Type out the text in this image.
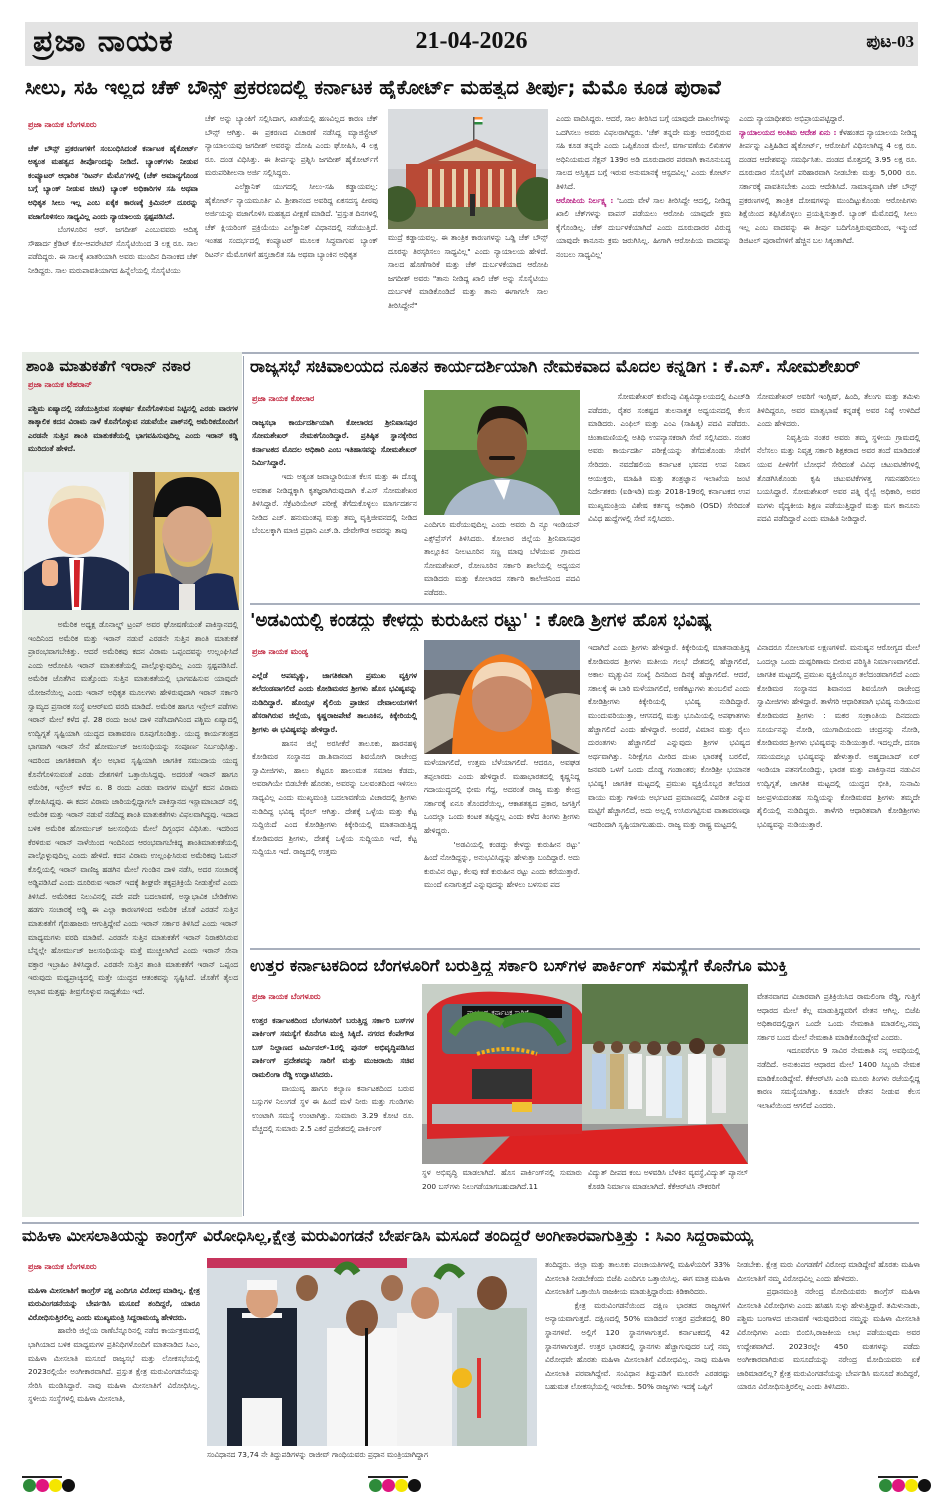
ಪ್ರಜಾ ನಾಯಕ	21-04-2026	ಪುಟ-03
ಸೀಲು, ಸಹಿ ಇಲ್ಲದ ಚೆಕ್ ಬೌನ್ಸ್ ಪ್ರಕರಣದಲ್ಲಿ ಕರ್ನಾಟಕ ಹೈಕೋರ್ಟ್ ಮಹತ್ವದ ತೀರ್ಪು; ಮೆಮೊ ಕೂಡ ಪುರಾವೆ
ಪ್ರಜಾ ನಾಯಕ ಬೆಂಗಳೂರು

ಚೆಕ್ ಬೌನ್ಸ್ ಪ್ರಕರಣಗಳಿಗೆ ಸಂಬಂಧಿಸಿದಂತೆ ಕರ್ನಾಟಕ ಹೈಕೋರ್ಟ್ ಅತ್ಯಂತ ಮಹತ್ವದ ತೀರ್ಪೊಂದನ್ನು ನೀಡಿದೆ. ಬ್ಯಾಂಕ್‌ಗಳು ನೀಡುವ ಕಂಪ್ಯೂಟರ್ ಆಧಾರಿತ 'ರಿಟರ್ನ್ ಮೆಮೊ'ಗಳಲ್ಲಿ (ಚೆಕ್ ಅಮಾನ್ಯಗೊಂಡ ಬಗ್ಗೆ ಬ್ಯಾಂಕ್ ನೀಡುವ ಚೀಟಿ) ಬ್ಯಾಂಕ್ ಅಧಿಕಾರಿಗಳ ಸಹಿ ಅಥವಾ ಅಧಿಕೃತ ಸೀಲು ಇಲ್ಲ ಎಂಬ ಏಕೈಕ ಕಾರಣಕ್ಕೆ ಕ್ರಿಮಿನಲ್ ದೂರನ್ನು ವಜಾಗೊಳಿಸಲು ಸಾಧ್ಯವಿಲ್ಲ ಎಂದು ನ್ಯಾಯಾಲಯ ಸ್ಪಷ್ಟಪಡಿಸಿದೆ.

ಬೆಂಗಳೂರಿನ ಆರ್. ಜಗದೀಶ್ ಎಂಬುವವರು ಆದಿತ್ಯ ಸೌಹಾರ್ದ ಕ್ರೆಡಿಟ್ ಕೋ-ಆಪರೇಟಿವ್ ಸೊಸೈಟಿಯಿಂದ 3 ಲಕ್ಷ ರೂ. ಸಾಲ ಪಡೆದಿದ್ದರು. ಈ ಸಾಲಕ್ಕೆ ಖಾತರಿಯಾಗಿ ಅವರು ಮುಂದಿನ ದಿನಾಂಕದ ಚೆಕ್ ನೀಡಿದ್ದರು. ಸಾಲ ಮರುಪಾವತಿಯಾಗದ ಹಿನ್ನೆಲೆಯಲ್ಲಿ ಸೊಸೈಟಿಯು

ಚೆಕ್ ಅನ್ನು ಬ್ಯಾಂಕಿಗೆ ಸಲ್ಲಿಸಿದಾಗ, ಖಾತೆಯಲ್ಲಿ ಹಣವಿಲ್ಲದ ಕಾರಣ ಚೆಕ್ ಬೌನ್ಸ್ ಆಗಿತ್ತು. ಈ ಪ್ರಕರಣದ ವಿಚಾರಣೆ ನಡೆಸಿದ್ದ ಮ್ಯಾಜಿಸ್ಟ್ರೇಟ್ ನ್ಯಾಯಾಲಯವು ಜಗದೀಶ್ ಅವರನ್ನು ದೋಷಿ ಎಂದು ಘೋಷಿಸಿ, 4 ಲಕ್ಷ ರೂ. ದಂಡ ವಿಧಿಸಿತ್ತು. ಈ ತೀರ್ಪನ್ನು ಪ್ರಶ್ನಿಸಿ ಜಗದೀಶ್ ಹೈಕೋರ್ಟ್‌ಗೆ ಮರುಪರಿಶೀಲನಾ ಅರ್ಜಿ ಸಲ್ಲಿಸಿದ್ದರು.

ಎಲೆಕ್ಟ್ರಾನಿಕ್ ಯುಗದಲ್ಲಿ ಸೀಲು-ಸಹಿ ಕಡ್ಡಾಯವಲ್ಲ: ಹೈಕೋರ್ಟ್ ನ್ಯಾಯಮೂರ್ತಿ ವಿ. ಶ್ರೀಶಾನಂದ ಅವರಿದ್ದ ಏಕಸದಸ್ಯ ಪೀಠವು ಅರ್ಜಿಯನ್ನು ವಜಾಗೊಳಿಸಿ ಮಹತ್ವದ ವೀಕ್ಷಣೆ ಮಾಡಿದೆ. 'ಪ್ರಸ್ತುತ ದಿನಗಳಲ್ಲಿ ಚೆಕ್ ಕ್ಲಿಯರಿಂಗ್ ಪ್ರಕ್ರಿಯೆಯು ಎಲೆಕ್ಟ್ರಾನಿಕ್ ವಿಧಾನದಲ್ಲಿ ನಡೆಯುತ್ತಿದೆ. ಇಂತಹ ಸಂದರ್ಭದಲ್ಲಿ ಕಂಪ್ಯೂಟರ್ ಮೂಲಕ ಸಿದ್ಧವಾಗುವ ಬ್ಯಾಂಕ್ ರಿಟರ್ನ್ ಮೆಮೊಗಳಿಗೆ ಹಸ್ತಚಾಲಿತ ಸಹಿ ಅಥವಾ ಬ್ಯಾಂಕಿನ ಅಧಿಕೃತ

ಮುದ್ರೆ ಕಡ್ಡಾಯವಲ್ಲ. ಈ ತಾಂತ್ರಿಕ ಕಾರಣಗಳನ್ನು ಒಡ್ಡಿ ಚೆಕ್ ಬೌನ್ಸ್ ದೂರನ್ನು ತಿರಸ್ಕರಿಸಲು ಸಾಧ್ಯವಿಲ್ಲ" ಎಂದು ನ್ಯಾಯಾಲಯ ಹೇಳಿದೆ. ಸಾಲದ ಹೊಣೆಗಾರಿಕೆ ಮತ್ತು ಚೆಕ್ ದುರ್ಬಳಕೆಯಾದ ಆರೋಪಿ ಜಗದೀಶ್ ಅವರು "ತಾನು ನೀಡಿದ್ದ ಖಾಲಿ ಚೆಕ್ ಅನ್ನು ಸೊಸೈಟಿಯು ದುರ್ಬಳಕೆ ಮಾಡಿಕೊಂಡಿದೆ ಮತ್ತು ತಾನು ಈಗಾಗಲೇ ಸಾಲ ತೀರಿಸಿದ್ದೇನೆ"

ಎಂದು ವಾದಿಸಿದ್ದರು. ಆದರೆ, ಸಾಲ ತೀರಿಸಿದ ಬಗ್ಗೆ ಯಾವುದೇ ದಾಖಲೆಗಳನ್ನು ಒದಗಿಸಲು ಅವರು ವಿಫಲರಾಗಿದ್ದರು. 'ಚೆಕ್ ತನ್ನದೇ ಮತ್ತು ಅದರಲ್ಲಿರುವ ಸಹಿ ಕೂಡ ತನ್ನದೇ ಎಂದು ಒಪ್ಪಿಕೊಂಡ ಮೇಲೆ, ವರ್ಗಾವಣೆಯ ಲಿಖಿತಗಳ ಅಧಿನಿಯಮದ ಸೆಕ್ಷನ್ 139ರ ಅಡಿ ದೂರುದಾರರ ಪರವಾಗಿ ಕಾನೂನುಬದ್ಧ ಸಾಲದ ಅಸ್ತಿತ್ವದ ಬಗ್ಗೆ ಇರುವ ಅನುಮಾನಕ್ಕೆ ಆಸ್ಪದವಿಲ್ಲ' ಎಂದು ಕೋರ್ಟ್ ತಿಳಿಸಿದೆ.

ಆರೋಪಿಯ ನಿರ್ಲಕ್ಷ್ಯ : 'ಒಂದು ವೇಳೆ ಸಾಲ ತೀರಿಸಿದ್ದೇ ಆದಲ್ಲಿ, ನೀಡಿದ್ದ ಖಾಲಿ ಚೆಕ್‌ಗಳನ್ನು ವಾಪಸ್ ಪಡೆಯಲು ಆರೋಪಿ ಯಾವುದೇ ಕ್ರಮ ಕೈಗೊಂಡಿಲ್ಲ. ಚೆಕ್ ದುರ್ಬಳಕೆಯಾಗಿದೆ ಎಂದು ದೂರುದಾರರ ವಿರುದ್ಧ ಯಾವುದೇ ಕಾನೂನು ಕ್ರಮ ಜರುಗಿಸಿಲ್ಲ. ಹೀಗಾಗಿ ಆರೋಪಿಯ ವಾದವನ್ನು ನಂಬಲು ಸಾಧ್ಯವಿಲ್ಲ'

ಎಂದು ನ್ಯಾಯಾಧೀಶರು ಅಭಿಪ್ರಾಯಪಟ್ಟಿದ್ದಾರೆ.

ನ್ಯಾಯಾಲಯದ ಅಂತಿಮ ಆದೇಶ ಏನು : ಕೆಳಹಂತದ ನ್ಯಾಯಾಲಯ ನೀಡಿದ್ದ ತೀರ್ಪನ್ನು ಎತ್ತಿಹಿಡಿದ ಹೈಕೋರ್ಟ್, ಆರೋಪಿಗೆ ವಿಧಿಸಲಾಗಿದ್ದ 4 ಲಕ್ಷ ರೂ. ದಂಡದ ಆದೇಶವನ್ನು ಸಮರ್ಥಿಸಿತು. ದಂಡದ ಮೊತ್ತದಲ್ಲಿ 3.95 ಲಕ್ಷ ರೂ. ದೂರುದಾರ ಸೊಸೈಟಿಗೆ ಪರಿಹಾರವಾಗಿ ನೀಡಬೇಕು ಮತ್ತು 5,000 ರೂ. ಸರ್ಕಾರಕ್ಕೆ ಪಾವತಿಸಬೇಕು ಎಂದು ಆದೇಶಿಸಿದೆ. ಸಾಮಾನ್ಯವಾಗಿ ಚೆಕ್ ಬೌನ್ಸ್ ಪ್ರಕರಣಗಳಲ್ಲಿ ತಾಂತ್ರಿಕ ದೋಷಗಳನ್ನು ಮುಂದಿಟ್ಟುಕೊಂಡು ಆರೋಪಿಗಳು ಶಿಕ್ಷೆಯಿಂದ ತಪ್ಪಿಸಿಕೊಳ್ಳಲು ಪ್ರಯತ್ನಿಸುತ್ತಾರೆ. ಬ್ಯಾಂಕ್ ಮೆಮೊದಲ್ಲಿ ಸೀಲು ಇಲ್ಲ ಎಂಬ ವಾದವನ್ನು ಈ ತೀರ್ಪು ಬದಿಗೊತ್ತಿರುವುದರಿಂದ, ಇನ್ಮುಂದೆ ಡಿಜಿಟಲ್ ಪುರಾವೆಗಳಿಗೆ ಹೆಚ್ಚಿನ ಬಲ ಸಿಕ್ಕಂತಾಗಿದೆ.

ಶಾಂತಿ ಮಾತುಕತೆಗೆ ಇರಾನ್ ನಕಾರ
ಪ್ರಜಾ ನಾಯಕ ಟೆಹರಾನ್

ಪಶ್ಚಿಮ ಏಷ್ಯಾದಲ್ಲಿ ನಡೆಯುತ್ತಿರುವ ಸಂಘರ್ಷ ಕೊನೆಗೊಳಿಸುವ ನಿಟ್ಟಿನಲ್ಲಿ ಎರಡು ವಾರಗಳ ತಾತ್ಕಾಲಿಕ ಕದನ ವಿರಾಮ ನಾಳೆ ಕೊನೆಗೊಳ್ಳುವ ನಡುವೆಯೇ ಪಾಕ್‌ನಲ್ಲಿ ಅಮೆರಿಕದೊಂದಿಗೆ ಎರಡನೇ ಸುತ್ತಿನ ಶಾಂತಿ ಮಾತುಕತೆಯಲ್ಲಿ ಭಾಗವಹಿಸುವುದಿಲ್ಲ ಎಂದು ಇರಾನ್ ಕಡ್ಡಿ ಮುರಿದಂತೆ ಹೇಳಿದೆ.

ಅಮೆರಿಕ ಅಧ್ಯಕ್ಷ ಡೊನಾಲ್ಡ್ ಟ್ರಂಪ್ ಅವರ ಘೋಷಣೆಯಂತೆ ಪಾಕಿಸ್ತಾನದಲ್ಲಿ ಇಂದಿನಿಂದ ಅಮೆರಿಕ ಮತ್ತು ಇರಾನ್ ನಡುವೆ ಎರಡನೇ ಸುತ್ತಿನ ಶಾಂತಿ ಮಾತುಕತೆ ಪ್ರಾರಂಭವಾಗಬೇಕಿತ್ತು. ಆದರೆ ಅಮೆರಿಕವು ಕದನ ವಿರಾಮ ಒಪ್ಪಂದವನ್ನು ಉಲ್ಲಂಘಿಸಿದೆ ಎಂದು ಆರೋಪಿಸಿ ಇರಾನ್ ಮಾತುಕತೆಯಲ್ಲಿ ಪಾಲ್ಗೊಳ್ಳುವುದಿಲ್ಲ ಎಂದು ಸ್ಪಷ್ಟಪಡಿಸಿದೆ. ಅಮೆರಿಕ ಜೊತೆಗಿನ ಮತ್ತೊಂದು ಸುತ್ತಿನ ಮಾತುಕತೆಯಲ್ಲಿ ಭಾಗವಹಿಸುವ ಯಾವುದೇ ಯೋಜನೆಯಿಲ್ಲ ಎಂದು ಇರಾನ್ ಅಧಿಕೃತ ಮೂಲಗಳು ಹೇಳಿರುವುದಾಗಿ ಇರಾನ್ ಸರ್ಕಾರಿ ಸ್ವಾಮ್ಯದ ಪ್ರಸಾರಕ ಸಂಸ್ಥೆ ಐಆರ್‌ಐಬಿ ವರದಿ ಮಾಡಿದೆ. ಅಮೆರಿಕ ಹಾಗೂ ಇಸ್ರೇಲ್ ಪಡೆಗಳು ಇರಾನ್ ಮೇಲೆ ಕಳೆದ ಫೆ. 28 ರಂದು ಜಂಟಿ ದಾಳಿ ನಡೆಸಿದಾಗಿನಿಂದ ಪಶ್ಚಿಮ ಏಷ್ಯಾದಲ್ಲಿ ಉದ್ವಿಗ್ನತೆ ಸೃಷ್ಟಿಯಾಗಿ ಯುದ್ಧದ ವಾತಾವರಣ ರೂಪುಗೊಂಡಿತ್ತು. ಯುದ್ಧ ಕಾರ್ಯತಂತ್ರದ ಭಾಗವಾಗಿ ಇರಾನ್ ಸೇನೆ ಹೋರ್ಮುಜ್ ಜಲಸಂಧಿಯನ್ನು ಸಂಪೂರ್ಣ ನಿರ್ಬಂಧಿಸಿತ್ತು. ಇದರಿಂದ ಜಾಗತಿಕವಾಗಿ ತೈಲ ಅಭಾವ ಸೃಷ್ಟಿಯಾಗಿ ಜಾಗತಿಕ ಸಮುದಾಯ ಯುದ್ಧ ಕೊನೆಗೊಳಿಸುವಂತೆ ಎರಡು ದೇಶಗಳಿಗೆ ಒತ್ತಾಯಿಸಿದ್ದವು. ಅದರಂತೆ ಇರಾನ್ ಹಾಗೂ ಅಮೆರಿಕ, ಇಸ್ರೇಲ್ ಕಳೆದ ಏ. 8 ರಂದು ಎರಡು ವಾರಗಳ ಮಟ್ಟಿಗೆ ಕದನ ವಿರಾಮ ಘೋಷಿಸಿದ್ದವು. ಈ ಕದನ ವಿರಾಮ ಜಾರಿಯಲ್ಲಿದ್ದಾಗಲೇ ಪಾಕಿಸ್ತಾನದ ಇಸ್ಲಾಮಾಬಾದ್ ನಲ್ಲಿ ಅಮೆರಿಕ ಮತ್ತು ಇರಾನ್ ನಡುವೆ ನಡೆದಿದ್ದ ಶಾಂತಿ ಮಾತುಕತೆಗಳು ವಿಫಲವಾಗಿದ್ದವು. ಇದಾದ ಬಳಿಕ ಅಮೆರಿಕ ಹೋರ್ಮುಜ್ ಜಲಸಂಧಿಯ ಮೇಲೆ ದಿಗ್ಬಂಧನ ವಿಧಿಸಿತು. ಇದರಿಂದ ಕೆರಳಿರುವ ಇರಾನ್ ನಾಳೆಯಿಂದ ಇಂದಿನಿಂದ ಆರಂಭವಾಗಬೇಕಿದ್ದ ಶಾಂತಿಮಾತುಕತೆಯಲ್ಲಿ ಪಾಲ್ಗೊಳ್ಳುವುದಿಲ್ಲ ಎಂದು ಹೇಳಿದೆ. ಕದನ ವಿರಾಮ ಉಲ್ಲಂಘಿಸಿರುವ ಅಮೆರಿಕವು ಓಮನ್ ಕೊಲ್ಲಿಯಲ್ಲಿ ಇರಾನ್ ವಾಣಿಜ್ಯ ಹಡಗಿನ ಮೇಲೆ ಗುಂಡಿನ ದಾಳಿ ನಡೆಸಿ, ಅದರ ಸಂಚಾರಕ್ಕೆ ಅಡ್ಡಿಪಡಿಸಿದೆ ಎಂದು ದೂರಿರುವ ಇರಾನ್ ಇದಕ್ಕೆ ಶೀಘ್ರವೇ ತಕ್ಕಪ್ರತಿಕ್ರಿಯೆ ನೀಡುತ್ತೇವೆ ಎಂದು ತಿಳಿಸಿದೆ. ಅಮೆರಿಕದ ನಿಲುವಿನಲ್ಲಿ ಪದೇ ಪದೇ ಬದಲಾವಣೆ, ಅಸ್ವಾಭಾವಿಕ ಬೇಡಿಕೆಗಳು ಹಡಗು ಸಂಚಾರಕ್ಕೆ ಅಡ್ಡಿ ಈ ಎಲ್ಲಾ ಕಾರಣಗಳಿಂದ ಅಮೆರಿಕ ಜೊತೆ ಎರಡನೆ ಸುತ್ತಿನ ಮಾತುಕತೆಗೆ ಗೈರುಹಾಜರು ಆಗುತ್ತಿದ್ದೇವೆ ಎಂದು ಇರಾನ್ ಸರ್ಕಾರ ತಿಳಿಸಿದೆ ಎಂದು ಇರಾನ್ ಮಾಧ್ಯಮಗಳು ವರದಿ ಮಾಡಿವೆ. ಎರಡನೇ ಸುತ್ತಿನ ಮಾತುಕತೆಗೆ ಇರಾನ್ ನಿರಾಕರಿಸಿರುವ ಬೆನ್ನಲ್ಲೇ ಹೋರ್ಮುಜ್ ಜಲಸಂಧಿಯನ್ನು ಮತ್ತೆ ಮುಚ್ಚಲಾಗಿದೆ ಎಂದು ಇರಾನ್ ಸೇನಾ ವಕ್ತಾರ ಇಬ್ರಾಹಿಂ ತಿಳಿಸಿದ್ದಾರೆ. ಎರಡನೇ ಸುತ್ತಿನ ಶಾಂತಿ ಮಾತುಕತೆಗೆ ಇರಾನ್ ಒಪ್ಪಂದ ಇರುವುದು ಮಧ್ಯಪ್ರಾಚ್ಯದಲ್ಲಿ ಮತ್ತೇ ಯುದ್ಧದ ಆತಂಕವನ್ನು ಸೃಷ್ಟಿಸಿದೆ. ಜೊತೆಗೆ ತೈಲದ ಅಭಾವ ಮತ್ತಷ್ಟು ತೀವ್ರಗೊಳ್ಳುವ ಸಾಧ್ಯತೆಯು ಇದೆ.

ರಾಜ್ಯಸಭೆ ಸಚಿವಾಲಯದ ನೂತನ ಕಾರ್ಯದರ್ಶಿಯಾಗಿ ನೇಮಕವಾದ ಮೊದಲ ಕನ್ನಡಿಗ : ಕೆ.ಎಸ್. ಸೋಮಶೇಖರ್
ಪ್ರಜಾ ನಾಯಕ ಕೋಲಾರ

ರಾಜ್ಯಸಭಾ ಕಾರ್ಯದರ್ಶಿಯಾಗಿ ಕೋಲಾರದ ಶ್ರೀನಿವಾಸಪುರ ಸೋಮಶೇಖರ್ ನೇಮಕಗೊಂಡಿದ್ದಾರೆ. ಪ್ರತಿಷ್ಠಿತ ಸ್ಥಾನಕ್ಕೇರಿದ ಕರ್ನಾಟಕದ ಮೊದಲ ಅಧಿಕಾರಿ ಎಂಬ ಇತಿಹಾಸವನ್ನು ಸೋಮಶೇಖರ್ ನಿರ್ಮಿಸಿದ್ದಾರೆ.

ಇದು ಅತ್ಯಂತ ಜವಾಬ್ದಾರಿಯುತ ಕೆಲಸ ಮತ್ತು ಈ ದೊಡ್ಡ ಅವಕಾಶ ನೀಡಿದ್ದಕ್ಕಾಗಿ ಕೃತಜ್ಞರಾಗಿರುವುದಾಗಿ ಕೆ.ಎಸ್ ಸೋಮಶೇಖರ ತಿಳಿಸಿದ್ದಾರೆ. ಸೆಕ್ರೆಟರಿಯೇಟ್ ಪರೀಕ್ಷೆ ತೆಗೆದುಕೊಳ್ಳಲು ಮಾರ್ಗದರ್ಶನ ನೀಡಿದ ಎಚ್. ಹನುಮಂತಪ್ಪ ಮತ್ತು ತಮ್ಮ ವೃತ್ತಿಜೀವನದಲ್ಲಿ ನೀಡಿದ ಬೆಂಬಲಕ್ಕಾಗಿ ಮಾಜಿ ಪ್ರಧಾನಿ ಎಚ್.ಡಿ. ದೇವೇಗೌಡ ಅವರನ್ನು ತಾವು

ಎಂದಿಗೂ ಮರೆಯುವುದಿಲ್ಲ ಎಂದು ಅವರು ದಿ ನ್ಯೂ ಇಂಡಿಯನ್ ಎಕ್ಸ್‌ಪ್ರೆಸ್‌ಗೆ ತಿಳಿಸಿದರು. ಕೋಲಾರ ಜಿಲ್ಲೆಯ ಶ್ರೀನಿವಾಸಪುರ ತಾಲ್ಲೂಕಿನ ನೀಲಟೂರಿನ ಸಣ್ಣ ಮಾವು ಬೆಳೆಯುವ ಗ್ರಾಮದ ಸೋಮಶೇಖರ್, ರೋಣೂರಿನ ಸರ್ಕಾರಿ ಶಾಲೆಯಲ್ಲಿ ಅಧ್ಯಯನ ಮಾಡಿದರು ಮತ್ತು ಕೋಲಾರದ ಸರ್ಕಾರಿ ಕಾಲೇಜಿನಿಂದ ಪದವಿ ಪಡೆದರು.

ಸೋಮಶೇಖರ್ ಕುವೆಂಪು ವಿಶ್ವವಿದ್ಯಾಲಯದಲ್ಲಿ ಪಿಎಚ್‌ಡಿ ಪಡೆದರು, ರೈತರ ಸಂಕಷ್ಟದ ತುಲನಾತ್ಮಕ ಅಧ್ಯಯನದಲ್ಲಿ ಕೆಲಸ ಮಾಡಿದರು. ಎಂಫಿಲ್ ಮತ್ತು ಎಂಎ (ಸಾಹಿತ್ಯ) ಪದವಿ ಪಡೆದರು. ಚಿಂತಾಮಣಿಯಲ್ಲಿ ಅತಿಥಿ ಉಪನ್ಯಾಸಕರಾಗಿ ಸೇವೆ ಸಲ್ಲಿಸಿದರು. ನಂತರ ಅವರು ಕಾರ್ಯದರ್ಶಿ ಪರೀಕ್ಷೆಯನ್ನು ತೆಗೆದುಕೊಂಡು ಸೇವೆಗೆ ಸೇರಿದರು. ನವದೆಹಲಿಯ ಕರ್ನಾಟಕ ಭವನದ ಉಪ ನಿವಾಸ ಆಯುಕ್ತರು, ಮಾಹಿತಿ ಮತ್ತು ತಂತ್ರಜ್ಞಾನ ಇಲಾಖೆಯ ಜಂಟಿ ನಿರ್ದೇಶಕರು (ಐಡಿಇಡಿ) ಮತ್ತು 2018-19ರಲ್ಲಿ ಕರ್ನಾಟಕದ ಉಪ ಮುಖ್ಯಮಂತ್ರಿಯ ವಿಶೇಷ ಕರ್ತವ್ಯ ಅಧಿಕಾರಿ (OSD) ಸೇರಿದಂತೆ ವಿವಿಧ ಹುದ್ದೆಗಳಲ್ಲಿ ಸೇವೆ ಸಲ್ಲಿಸಿದರು.

ಸೋಮಶೇಖರ್ ಅವರಿಗೆ ಇಂಗ್ಲಿಷ್, ಹಿಂದಿ, ತೆಲುಗು ಮತ್ತು ತಮಿಳು ತಿಳಿದಿದ್ದರೂ, ಅವರ ಮಾತೃಭಾಷೆ ಕನ್ನಡಕ್ಕೆ ಅವರ ನಿಷ್ಠೆ ಉಳಿದಿದೆ ಎಂದು ಹೇಳಿದರು.

ನಿವೃತ್ತಿಯ ನಂತರ ಅವರು ತಮ್ಮ ಸ್ಥಳೀಯ ಗ್ರಾಮದಲ್ಲಿ ನೆಲೆಸಲು ಮತ್ತು ನಿವೃತ್ತ ಸರ್ಕಾರಿ ಶಿಕ್ಷಕರಾದ ಅವರ ತಂದೆ ಮಾಡಿದಂತೆ ಯುವ ಪೀಳಿಗೆಗೆ ಬೋಧನೆ ಸೇರಿದಂತೆ ವಿವಿಧ ಚಟುವಟಿಕೆಗಳಲ್ಲಿ ತೊಡಗಿಸಿಕೊಂಡು ಕೃಷಿ ಚಟುವಟಿಕೆಗಳತ್ತ ಗಮನಹರಿಸಲು ಬಯಸಿದ್ದಾರೆ. ಸೋಮಶೇಖರ್ ಅವರ ಪತ್ನಿ ರೈಲ್ವೆ ಅಧಿಕಾರಿ, ಅವರ ಮಗಳು ವೈದ್ಯಕೀಯ ಶಿಕ್ಷಣ ಪಡೆಯುತ್ತಿದ್ದಾರೆ ಮತ್ತು ಮಗ ಕಾನೂನು ಪದವಿ ಪಡೆದಿದ್ದಾರೆ ಎಂದು ಮಾಹಿತಿ ನೀಡಿದ್ದಾರೆ.

'ಅಡವಿಯಲ್ಲಿ ಕಂಡದ್ದು ಕೇಳದ್ದು ಕುರುಹೀನ ರಟ್ಟು' : ಕೋಡಿ ಶ್ರೀಗಳ ಹೊಸ ಭವಿಷ್ಯ
ಪ್ರಜಾ ನಾಯಕ ಮಂಡ್ಯ

ಎಲ್ಲೆಡೆ ಅಪಮೃತ್ಯು, ಜಾಗತಿಕವಾಗಿ ಪ್ರಮುಖ ವ್ಯಕ್ತಿಗಳ ತಲೆದಂಡವಾಗಲಿದೆ ಎಂದು ಕೋಡಿಮಠದ ಶ್ರೀಗಳು ಹೊಸ ಭವಿಷ್ಯವನ್ನು ನುಡಿದಿದ್ದಾರೆ. ಹೊಯ್ಸಳ ಶೈಲಿಯ ಪ್ರಾಚೀನ ದೇವಾಲಯಗಳಿಗೆ ಹೆಸರಾಗಿರುವ ಜಿಲ್ಲೆಯ, ಕೃಷ್ಣರಾಜಪೇಟೆ ತಾಲೂಕಿನ, ಕಿಕ್ಕೇರಿಯಲ್ಲಿ ಶ್ರೀಗಳು ಈ ಭವಿಷ್ಯವನ್ನು ಹೇಳಿದ್ದಾರೆ.

ಹಾಸನ ಜಿಲ್ಲೆ ಅರಸೀಕೆರೆ ತಾಲೂಕು, ಹಾರನಹಳ್ಳಿ ಕೋಡಿಮಠ ಸಂಸ್ಥಾನದ ಡಾ.ಶಿವಾನಂದ ಶಿವಯೋಗಿ ರಾಜೇಂದ್ರ ಸ್ವಾಮೀಜಿಗಳು, ಹಾಲು ಕೆಟ್ಟರೂ ಹಾಲುಮತ ಸಮಾಜ ಕೆಡದು, ಅವರಾಗಿಯೇ ಬಿಡಬೇಕೇ ಹೊರತು, ಅವರನ್ನು ಬಲವಂತದಿಂದ ಇಳಿಸಲು ಸಾಧ್ಯವಿಲ್ಲ ಎಂದು ಮುಖ್ಯಮಂತ್ರಿ ಬದಲಾವಣೆಯ ವಿಚಾರದಲ್ಲಿ ಶ್ರೀಗಳು ನುಡಿದಿದ್ದ ಭವಿಷ್ಯ ವೈರಲ್ ಆಗಿತ್ತು. ದೇಶಕ್ಕೆ ಒಳ್ಳೆಯ ಮತ್ತು ಕೆಟ್ಟ ಸುದ್ದಿಯಿದೆ ಎಂದ ಕೋಡಿಶ್ರೀಗಳು ಕಿಕ್ಕೇರಿಯಲ್ಲಿ ಮಾತನಾಡುತ್ತಿದ್ದ ಕೋಡಿಮಠದ ಶ್ರೀಗಳು, ದೇಶಕ್ಕೆ ಒಳ್ಳೆಯ ಸುದ್ದಿಯೂ ಇದೆ, ಕೆಟ್ಟ ಸುದ್ದಿಯೂ ಇದೆ. ರಾಜ್ಯದಲ್ಲಿ ಉತ್ತಮ

ಮಳೆಯಾಗಲಿದೆ, ಉತ್ತಮ ಬೆಳೆಯಾಗಲಿದೆ. ಆದರೂ, ಅವಘಡ ತಪ್ಪಲಾರದು ಎಂದು ಹೇಳಿದ್ದಾರೆ. ಮಹಾಭಾರತದಲ್ಲಿ ಕೃಷ್ಣನಿದ್ದ ಗದಾಯುದ್ಧದಲ್ಲಿ ಭೀಮ ಗೆದ್ದ, ಅದರಂತೆ ರಾಜ್ಯ ಮತ್ತು ಕೇಂದ್ರ ಸರ್ಕಾರಕ್ಕೆ ಏನೂ ತೊಂದರೆಯಿಲ್ಲ, ಆಕಾಶತತ್ವದ ಪ್ರಕಾರ, ಜಗತ್ತಿಗೆ ಒಂದಲ್ಲಾ ಒಂದು ಕಂಟಕ ತಪ್ಪಿದ್ದಲ್ಲ ಎಂದು ಕಳೆದ ತಿಂಗಳು ಶ್ರೀಗಳು ಹೇಳಿದ್ದರು.

'ಅಡವಿಯಲ್ಲಿ ಕಂಡದ್ದು ಕೇಳದ್ದು ಕುರುಹೀನ ರಟ್ಟು' ಹಿಂದೆ ನೋಡಿದ್ದನ್ನು, ಅನುಭವಿಸಿದ್ದನ್ನು ಹೇಳುತ್ತಾ ಬಂದಿದ್ದಾರೆ. ಅದು ಕುರುವಿನ ರಟ್ಟು, ಕೆಲವು ಕಡೆ ಕುರುಹೀನ ರಟ್ಟು ಎಂದು ಕರೆಯುತ್ತಾರೆ. ಮುಂದೆ ಏನಾಗುತ್ತದೆ ಎನ್ನುವುದನ್ನು ಹೇಳಲು ಬಳಸುವ ಪದ

ಇದಾಗಿದೆ ಎಂದು ಶ್ರೀಗಳು ಹೇಳಿದ್ದಾರೆ. ಕಿಕ್ಕೇರಿಯಲ್ಲಿ ಮಾತನಾಡುತ್ತಿದ್ದ ಕೋಡಿಮಠದ ಶ್ರೀಗಳು ಮತೀಯ ಗಲಭೆ ದೇಶದಲ್ಲಿ ಹೆಚ್ಚಾಗಲಿದೆ, ಅಕಾಲ ಮೃತ್ಯುವಿನ ಸಂಖ್ಯೆ ದಿನದಿಂದ ದಿನಕ್ಕೆ ಹೆಚ್ಚಾಗಲಿದೆ. ಆದರೆ, ಸಕಾಲಕ್ಕೆ ಈ ಬಾರಿ ಮಳೆಯಾಗಲಿದೆ, ಅಣೆಕಟ್ಟುಗಳು ತುಂಬಲಿವೆ ಎಂದು ಕೋಡಿಶ್ರೀಗಳು ಕಿಕ್ಕೇರಿಯಲ್ಲಿ ಭವಿಷ್ಯ ನುಡಿದಿದ್ದಾರೆ. ಮುಂದುವರಿಯುತ್ತಾ, ಆಗಸದಲ್ಲಿ ಮತ್ತು ಭೂಮಿಯಲ್ಲಿ ಅಪಘಾತಗಳು ಹೆಚ್ಚಾಗಲಿದೆ ಎಂದು ಹೇಳಿದ್ದಾರೆ. ಅಂದರೆ, ವಿಮಾನ ಮತ್ತು ರೈಲು ದುರಂತಗಳು ಹೆಚ್ಚಾಗಲಿದೆ ಎನ್ನುವುದು ಶ್ರೀಗಳ ಭವಿಷ್ಯದ ಅರ್ಥವಾಗಿತ್ತು. ನಿರೀಕ್ಷೆಗೂ ಮೀರಿದ ದುಃಖ ಭಾರತಕ್ಕೆ ಬರಲಿದೆ, ಜನವರಿ ಒಳಗೆ ಒಂದು ದೊಡ್ಡ ಗಂಡಾಂತರ; ಕೋಡಿಶ್ರೀ ಭಯಾನಕ ಭವಿಷ್ಯ! ಜಾಗತಿಕ ಮಟ್ಟದಲ್ಲಿ ಪ್ರಮುಖ ವ್ಯಕ್ತಿಯೊಬ್ಬರ ತಲೆದಂಡ ವಾಯು ಮತ್ತು ಗಾಳಿಯ ಅರ್ಭಟದ ಪ್ರಮಾಣದಲ್ಲಿ ವಿಪರೀತ ಎನ್ನುವ ಮಟ್ಟಿಗೆ ಹೆಚ್ಚಾಗಲಿದೆ, ಅದು ಅಲ್ಲಲ್ಲಿ ಉಸಿರುಗಟ್ಟಿಸುವ ವಾತಾವರಣವೂ ಇದರಿಂದಾಗಿ ಸೃಷ್ಟಿಯಾಗಬಹುದು. ರಾಜ್ಯ ಮತ್ತು ರಾಷ್ಟ್ರ ಮಟ್ಟದಲ್ಲಿ

ವಿನಾದರೂ ಸೋಲಾಗುವ ಲಕ್ಷಣಗಳಿವೆ. ಮನುಷ್ಯನ ಆರೋಗ್ಯದ ಮೇಲೆ ಒಂದಲ್ಲಾ ಒಂದು ದುಷ್ಪರಿಣಾಮ ಬೀರುವ ಪರಿಸ್ಥಿತಿ ನಿರ್ಮಾಣವಾಗಲಿದೆ. ಜಾಗತಿಕ ಮಟ್ಟದಲ್ಲಿ ಪ್ರಮುಖ ವ್ಯಕ್ತಿಯೊಬ್ಬರ ತಲೆದಂಡವಾಗಲಿದೆ ಎಂದು ಕೋಡಿಮಠ ಸಂಸ್ಥಾನದ ಶಿವಾನಂದ ಶಿವಯೋಗಿ ರಾಜೇಂದ್ರ ಸ್ವಾಮೀಜಿಗಳು ಹೇಳಿದ್ದಾರೆ. ತಾಳೆಗರಿ ಆಧಾರಿತವಾಗಿ ಭವಿಷ್ಯ ನುಡಿಯುವ ಕೋಡಿಮಠದ ಶ್ರೀಗಳು : ಮಕರ ಸಂಕ್ರಾಂತಿಯ ದಿನದಂದು ಸೂರ್ಯನನ್ನು ನೋಡಿ, ಯುಗಾದಿಯಂದು ಚಂದ್ರನನ್ನು ನೋಡಿ, ಕೋಡಿಮಠದ ಶ್ರೀಗಳು ಭವಿಷ್ಯವನ್ನು ನುಡಿಯುತ್ತಾರೆ. ಇದಲ್ಲದೇ, ದಸರಾ ಸಮಯದಲ್ಲೂ ಭವಿಷ್ಯವನ್ನು ಹೇಳುತ್ತಾರೆ. ಅಹ್ಮದಾಬಾದ್ ಏರ್ ಇಂಡಿಯಾ ಪತನಗೊಂಡಿದ್ದು, ಭಾರತ ಮತ್ತು ಪಾಕಿಸ್ತಾನದ ನಡುವಿನ ಉದ್ವಿಗ್ನತೆ, ಜಾಗತಿಕ ಮಟ್ಟದಲ್ಲಿ ಯುದ್ಧದ ಭೀತಿ, ಸುನಾಮಿ ಜಲಪ್ರಳಯದಂತಹ ಸುದ್ದಿಯನ್ನು ಕೋಡಿಮಠದ ಶ್ರೀಗಳು ತಮ್ಮದೇ ಶೈಲಿಯಲ್ಲಿ ನುಡಿದಿದ್ದರು. ತಾಳೆಗರಿ ಆಧಾರಿತವಾಗಿ ಕೋಡಿಶ್ರೀಗಳು ಭವಿಷ್ಯವನ್ನು ನುಡಿಯುತ್ತಾರೆ.

ಉತ್ತರ ಕರ್ನಾಟಕದಿಂದ ಬೆಂಗಳೂರಿಗೆ ಬರುತ್ತಿದ್ದ ಸರ್ಕಾರಿ ಬಸ್‌ಗಳ ಪಾರ್ಕಿಂಗ್ ಸಮಸ್ಯೆಗೆ ಕೊನೆಗೂ ಮುಕ್ತಿ
ಪ್ರಜಾ ನಾಯಕ ಬೆಂಗಳೂರು

ಉತ್ತರ ಕರ್ನಾಟಕದಿಂದ ಬೆಂಗಳೂರಿಗೆ ಬರುತ್ತಿದ್ದ ಸರ್ಕಾರಿ ಬಸ್‌ಗಳ ಪಾರ್ಕಿಂಗ್ ಸಮಸ್ಯೆಗೆ ಕೊನೆಗೂ ಮುಕ್ತಿ ಸಿಕ್ಕಿದೆ. ನಗರದ ಕೆಂಪೇಗೌಡ ಬಸ್ ನಿಲ್ದಾಣದ ಟರ್ಮಿನಲ್-1ರಲ್ಲಿ ಪುನರ್ ಅಭಿವೃದ್ಧಿಪಡಿಸಿದ ಪಾರ್ಕಿಂಗ್ ಪ್ರದೇಶವನ್ನು ಸಾರಿಗೆ ಮತ್ತು ಮುಜರಾಯಿ ಸಚಿವ ರಾಮಲಿಂಗಾ ರೆಡ್ಡಿ ಉದ್ಘಾಟಿಸಿದರು.

ವಾಯುವ್ಯ ಹಾಗೂ ಕಲ್ಯಾಣ ಕರ್ನಾಟಕದಿಂದ ಬರುವ ಬಸ್ಸುಗಳ ನಿಲುಗಡೆ ಸ್ಥಳ ಈ ಹಿಂದೆ ಮಳೆ ನೀರು ಮತ್ತು ಗುಂಡಿಗಳು ಉಂಟಾಗಿ ಸಮಸ್ಯೆ ಉಂಟಾಗಿತ್ತು. ಸುಮಾರು 3.29 ಕೋಟಿ ರೂ. ವೆಚ್ಚದಲ್ಲಿ ಸುಮಾರು 2.5 ಎಕರೆ ಪ್ರದೇಶದಲ್ಲಿ ಪಾರ್ಕಿಂಗ್

ವಾಯುವ್ಯ ಕರ್ನಾಟಕ ಸಾರಿಗೆ

ಸ್ಥಳ ಅಭಿವೃದ್ಧಿ ಮಾಡಲಾಗಿದೆ. ಹೊಸ ಪಾರ್ಕಿಂಗ್‌ನಲ್ಲಿ ಸುಮಾರು 200 ಬಸ್‌ಗಳು ನಿಲುಗಡೆಯಾಗಬಹುದಾಗಿದೆ.11

ವಿದ್ಯುತ್ ದೀಪದ ಕಂಬ ಅಳವಡಿಸಿ ಬೆಳಕಿನ ವ್ಯವಸ್ಥೆ,ವಿದ್ಯುತ್ ಪ್ಯಾನಲ್ ಕೊಠಡಿ ನಿರ್ಮಾಣ ಮಾಡಲಾಗಿದೆ. ಕೆಕೆಆರ್‌ಟಿಸಿ ನೌಕರರಿಗೆ

ವೇತನವಾಗದ ವಿಚಾರವಾಗಿ ಪ್ರತಿಕ್ರಿಯಿಸಿದ ರಾಮಲಿಂಗಾ ರೆಡ್ಡಿ, ಗುತ್ತಿಗೆ ಆಧಾರದ ಮೇಲೆ ಕೆಲ್ಲ ಮಾಡುತ್ತಿದ್ದವರಿಗೆ ವೇತನ ಆಗಿಲ್ಲ. ಬಿಜೆಪಿ ಅಧಿಕಾರದಲ್ಲಿದ್ದಾಗ ಒಂದೇ ಒಂದು ನೇಮಕಾತಿ ಮಾಡಲಿಲ್ಲ,ನಮ್ಮ ಸರ್ಕಾರ ಬಂದ ಮೇಲೆ ನೇಮಕಾತಿ ಮಾಡಿಕೊಂಡಿದ್ದೇವೆ ಎಂದರು.

ಇದೂವರೆಗೂ 9 ಸಾವಿರ ನೇಮಕಾತಿ ನನ್ನ ಅವಧಿಯಲ್ಲಿ ನಡೆದಿದೆ. ಅನುಕಂಪದ ಆಧಾರದ ಮೇಲೆ 1400 ಸಿಬ್ಬಂದಿ ನೇಮಕ ಮಾಡಿಕೊಂಡಿದ್ದೇವೆ. ಕೆಕೆಆರ್‌ಟಿಸಿ ಎಂಡಿ ಮೂರು ತಿಂಗಳು ರಜೆಯಲ್ಲಿದ್ದ ಕಾರಣ ಸಮಸ್ಯೆಯಾಗಿತ್ತು. ಕೂಡಲೇ ವೇತನ ನೀಡುವ ಕೆಲಸ ಇಲಾಖೆಯಿಂದ ಆಗಲಿದೆ ಎಂದರು.

ಮಹಿಳಾ ಮೀಸಲಾತಿಯನ್ನು ಕಾಂಗ್ರೆಸ್ ವಿರೋಧಿಸಿಲ್ಲ,ಕ್ಷೇತ್ರ ಮರುವಿಂಗಡನೆ ಬೇರ್ಪಡಿಸಿ ಮಸೂದೆ ತಂದಿದ್ದರೆ ಅಂಗೀಕಾರವಾಗುತ್ತಿತ್ತು : ಸಿಎಂ ಸಿದ್ದರಾಮಯ್ಯ
ಪ್ರಜಾ ನಾಯಕ ಬೆಂಗಳೂರು

ಮಹಿಳಾ ಮೀಸಲಾತಿಗೆ ಕಾಂಗ್ರೆಸ್ ಪಕ್ಷ ಎಂದಿಗೂ ವಿರೋಧ ಮಾಡಿಲ್ಲ. ಕ್ಷೇತ್ರ ಮರುವಿಂಗಡನೆಯನ್ನು ಬೇರ್ಪಡಿಸಿ ಮಸೂದೆ ತಂದಿದ್ದರೆ, ಯಾರೂ ವಿರೋಧಿಸುತ್ತಿರಲಿಲ್ಲ ಎಂದು ಮುಖ್ಯಮಂತ್ರಿ ಸಿದ್ದರಾಮಯ್ಯ ಹೇಳಿದರು.

ಹಾವೇರಿ ಜಿಲ್ಲೆಯ ರಾಣೆಬೆನ್ನೂರಿನಲ್ಲಿ ನಡೆದ ಕಾರ್ಯಕ್ರಮದಲ್ಲಿ ಭಾಗಿಯಾದ ಬಳಿಕ ಮಾಧ್ಯಮಗಳ ಪ್ರತಿನಿಧಿಗಳೊಂದಿಗೆ ಮಾತನಾಡಿದ ಸಿಎಂ, ಮಹಿಳಾ ಮೀಸಲಾತಿ ಮಸೂದೆ ರಾಜ್ಯಸಭೆ ಮತ್ತು ಲೋಕಸಭೆಯಲ್ಲಿ 2023ರಲ್ಲಿಯೇ ಅಂಗೀಕಾರವಾಗಿದೆ. ಪ್ರಸ್ತುತ ಕ್ಷೇತ್ರ ಮರುವಿಂಗಡನೆಯನ್ನು ಸೇರಿಸಿ ಮಂಡಿಸಿದ್ದಾರೆ. ನಾವು ಮಹಿಳಾ ಮೀಸಲಾತಿಗೆ ವಿರೋಧಿಸಿಲ್ಲ. ಸ್ಥಳೀಯ ಸಂಸ್ಥೆಗಳಲ್ಲಿ ಮಹಿಳಾ ಮೀಸಲಾತಿ,

ಸಂವಿಧಾನದ 73,74 ನೇ ತಿದ್ದುಪಡಿಗಳನ್ನು ರಾಜೀವ್ ಗಾಂಧಿಯವರು ಪ್ರಧಾನ ಮಂತ್ರಿಯಾಗಿದ್ದಾಗ

ತಂದಿದ್ದರು. ಜಿಲ್ಲಾ ಮತ್ತು ತಾಲೂಕು ಪಂಚಾಯತಿಗಳಲ್ಲಿ ಮಹಿಳೆಯರಿಗೆ 33% ಮೀಸಲಾತಿ ನೀಡಬೇಕೆಂದು ಬಿಜೆಪಿ ಎಂದಿಗೂ ಒತ್ತಾಯಿಸಿಲ್ಲ. ಈಗ ಮಾತ್ರ ಮಹಿಳಾ ಮೀಸಲಾತಿಗೆ ಒತ್ತಾಯಿಸಿ ರಾಜಕೀಯ ಮಾಡುತ್ತಿದ್ದಾರೆಂದು ಕಿಡಿಕಾರಿದರು.

ಕ್ಷೇತ್ರ ಮರುವಿಂಗಡನೆಯಿಂದ ದಕ್ಷಿಣ ಭಾರತದ ರಾಜ್ಯಗಳಿಗೆ ಅನ್ಯಾಯವಾಗುತ್ತದೆ. ದಕ್ಷಿಣದಲ್ಲಿ 50% ಮಾಡಿದರೆ ಉತ್ತರ ಪ್ರದೇಶದಲ್ಲಿ 80 ಸ್ಥಾನಗಳಿವೆ. ಅಲ್ಲಿಗೆ 120 ಸ್ಥಾನಗಳಾಗುತ್ತವೆ. ಕರ್ನಾಟಕದಲ್ಲಿ 42 ಸ್ಥಾನಗಳಾಗುತ್ತವೆ. ಉತ್ತರ ಭಾರತದಲ್ಲಿ ಸ್ಥಾನಗಳು ಹೆಚ್ಚಾಗುವುದರ ಬಗ್ಗೆ ನಮ್ಮ ವಿರೋಧವೇ ಹೊರತು ಮಹಿಳಾ ಮೀಸಲಾತಿಗೆ ವಿರೋಧವಿಲ್ಲ. ನಾವು ಮಹಿಳಾ ಮೀಸಲಾತಿ ಪರವಾಗಿದ್ದೇವೆ. ಸಂವಿಧಾನ ತಿದ್ದುಪಡಿಗೆ ಮೂರನೇ ಎರಡರಷ್ಟು ಬಹುಮತ ಲೋಕಸಭೆಯಲ್ಲಿ ಇರಬೇಕು. 50% ರಾಜ್ಯಗಳು ಇದಕ್ಕೆ ಒಪ್ಪಿಗೆ

ನೀಡಬೇಕು. ಕ್ಷೇತ್ರ ಮರು ವಿಂಗಡಣೆಗೆ ವಿರೋಧ ಮಾಡಿದ್ದೇವೆ ಹೊರತು ಮಹಿಳಾ ಮೀಸಲಾತಿಗೆ ನಮ್ಮ ವಿರೋಧವಿಲ್ಲ ಎಂದು ಹೇಳಿದರು.

ಪ್ರಧಾನಮಂತ್ರಿ ನರೇಂದ್ರ ಮೋದಿಯವರು ಕಾಂಗ್ರೆಸ್ ಮಹಿಳಾ ಮೀಸಲಾತಿ ವಿರೋಧಿಗಳು ಎಂದು ಹಸಿಹಸಿ ಸುಳ್ಳು ಹೇಳುತ್ತಿದ್ದಾರೆ. ತಮಿಳುನಾಡು, ಪಶ್ಚಿಮ ಬಂಗಾಳದ ಚುನಾವಣೆ ಇರುವುದರಿಂದ ನಮ್ಮನ್ನು ಮಹಿಳಾ ಮೀಸಲಾತಿ ವಿರೋಧಿಗಳು ಎಂದು ಬಿಂಬಿಸಿ,ರಾಜಕೀಯ ಲಾಭ ಪಡೆಯುವುದು ಅವರ ಉದ್ದೇಶವಾಗಿದೆ. 2023ರಲ್ಲೇ 450 ಮತಗಳನ್ನು ಪಡೆದು ಅಂಗೀಕಾರವಾಗಿರುವ ಮಸೂದೆಯನ್ನು ನರೇಂದ್ರ ಮೋದಿಯವರು ಏಕೆ ಜಾರಿಮಾಡಲಿಲ್ಲ? ಕ್ಷೇತ್ರ ಮರುವಿಂಗಡನೆಯನ್ನು ಬೇರ್ಪಡಿಸಿ ಮಸೂದೆ ತಂದಿದ್ದರೆ, ಯಾರೂ ವಿರೋಧಿಸುತ್ತಿರಲಿಲ್ಲ ಎಂದು ತಿಳಿಸಿದರು.
